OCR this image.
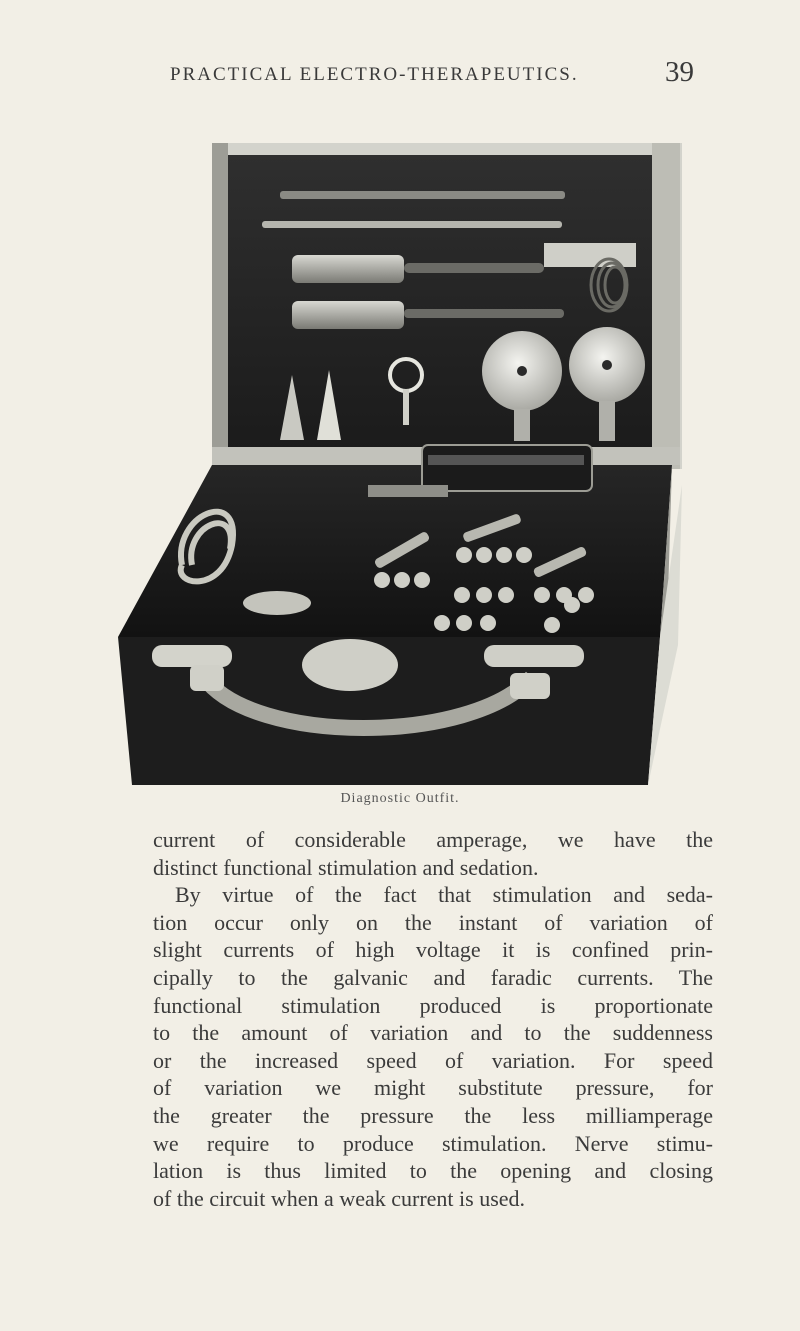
PRACTICAL ELECTRO-THERAPEUTICS.	39
Diagnostic Outfit.
current of considerable amperage, we have the
distinct functional stimulation and sedation.
By virtue of the fact that stimulation and seda-
tion occur only on the instant of variation of
slight currents of high voltage it is confined prin-
cipally to the galvanic and faradic currents. The
functional stimulation produced is proportionate
to the amount of variation and to the suddenness
or the increased speed of variation. For speed
of variation we might substitute pressure, for
the greater the pressure the less milliamperage
we require to produce stimulation. Nerve stimu-
lation is thus limited to the opening and closing
of the circuit when a weak current is used.
